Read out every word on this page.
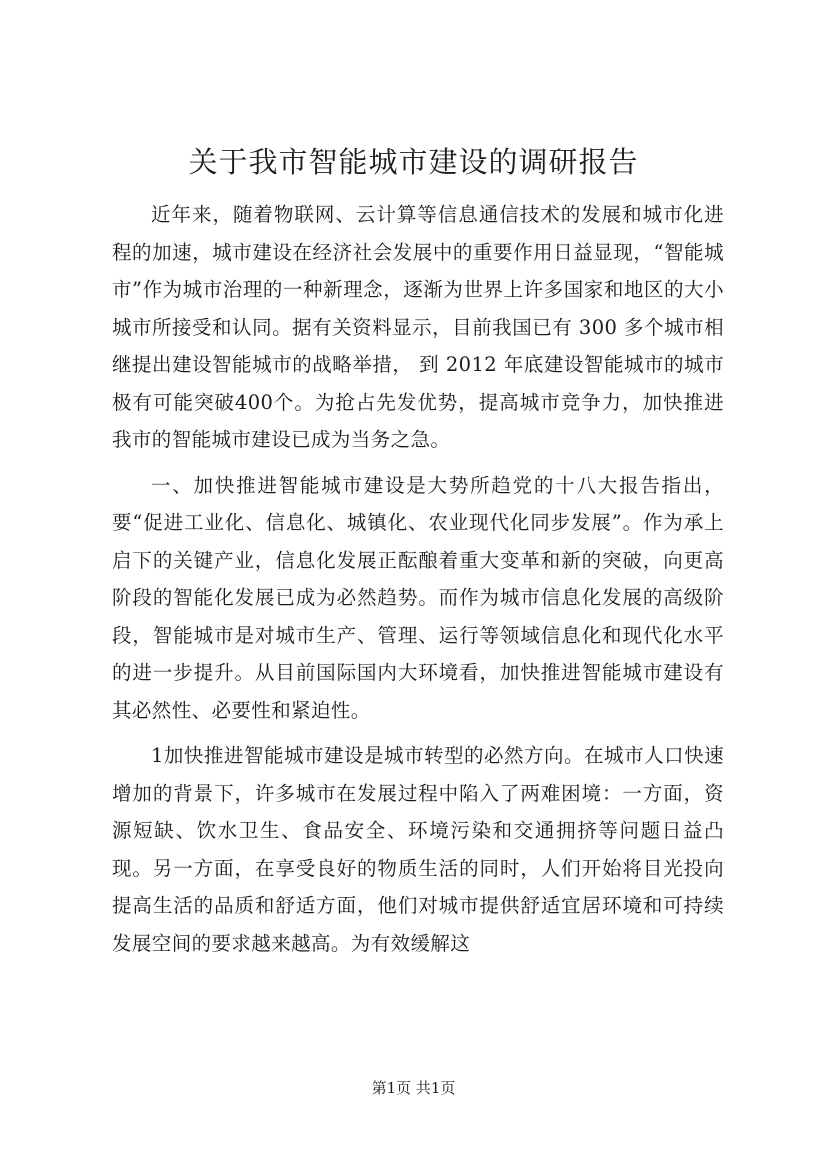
关于我市智能城市建设的调研报告

近年来，随着物联网、云计算等信息通信技术的发展和城市化进程的加速，城市建设在经济社会发展中的重要作用日益显现，“智能城市”作为城市治理的一种新理念，逐渐为世界上许多国家和地区的大小城市所接受和认同。据有关资料显示，目前我国已有 300 多个城市相继提出建设智能城市的战略举措， 到 2012 年底建设智能城市的城市极有可能突破400个。为抢占先发优势，提高城市竞争力，加快推进我市的智能城市建设已成为当务之急。

一、加快推进智能城市建设是大势所趋党的十八大报告指出，要“促进工业化、信息化、城镇化、农业现代化同步发展”。作为承上启下的关键产业，信息化发展正酝酿着重大变革和新的突破，向更高阶段的智能化发展已成为必然趋势。而作为城市信息化发展的高级阶段，智能城市是对城市生产、管理、运行等领域信息化和现代化水平的进一步提升。从目前国际国内大环境看，加快推进智能城市建设有其必然性、必要性和紧迫性。

1加快推进智能城市建设是城市转型的必然方向。在城市人口快速增加的背景下，许多城市在发展过程中陷入了两难困境：一方面，资源短缺、饮水卫生、食品安全、环境污染和交通拥挤等问题日益凸现。另一方面，在享受良好的物质生活的同时，人们开始将目光投向提高生活的品质和舒适方面，他们对城市提供舒适宜居环境和可持续发展空间的要求越来越高。为有效缓解这

第1页 共1页
